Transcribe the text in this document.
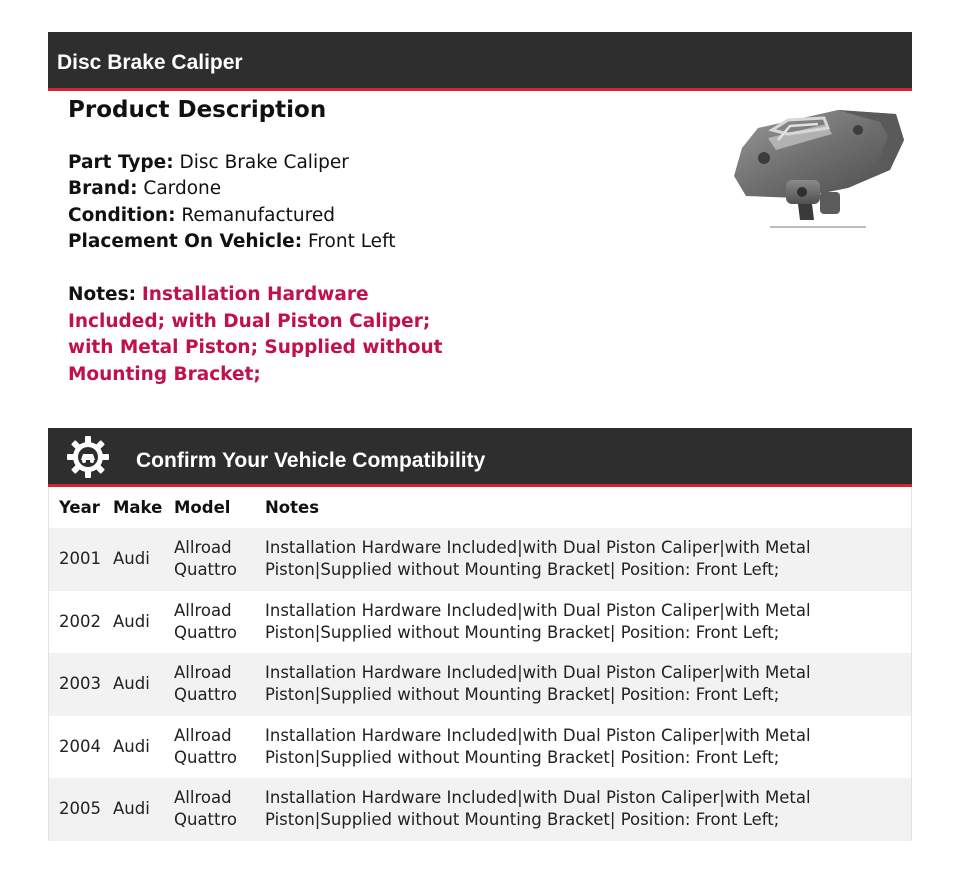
Disc Brake Caliper
Product Description
Part Type: Disc Brake Caliper
Brand: Cardone
Condition: Remanufactured
Placement On Vehicle: Front Left
Notes: Installation Hardware Included; with Dual Piston Caliper; with Metal Piston; Supplied without Mounting Bracket;
Confirm Your Vehicle Compatibility
Year Make Model Notes
2001 Audi
Allroad Quattro
Installation Hardware Included|with Dual Piston Caliper|with Metal Piston|Supplied without Mounting Bracket| Position: Front Left;
2002 Audi
Allroad Quattro
Installation Hardware Included|with Dual Piston Caliper|with Metal Piston|Supplied without Mounting Bracket| Position: Front Left;
2003 Audi
Allroad Quattro
Installation Hardware Included|with Dual Piston Caliper|with Metal Piston|Supplied without Mounting Bracket| Position: Front Left;
2004 Audi
Allroad Quattro
Installation Hardware Included|with Dual Piston Caliper|with Metal Piston|Supplied without Mounting Bracket| Position: Front Left;
2005 Audi
Allroad Quattro
Installation Hardware Included|with Dual Piston Caliper|with Metal Piston|Supplied without Mounting Bracket| Position: Front Left;
